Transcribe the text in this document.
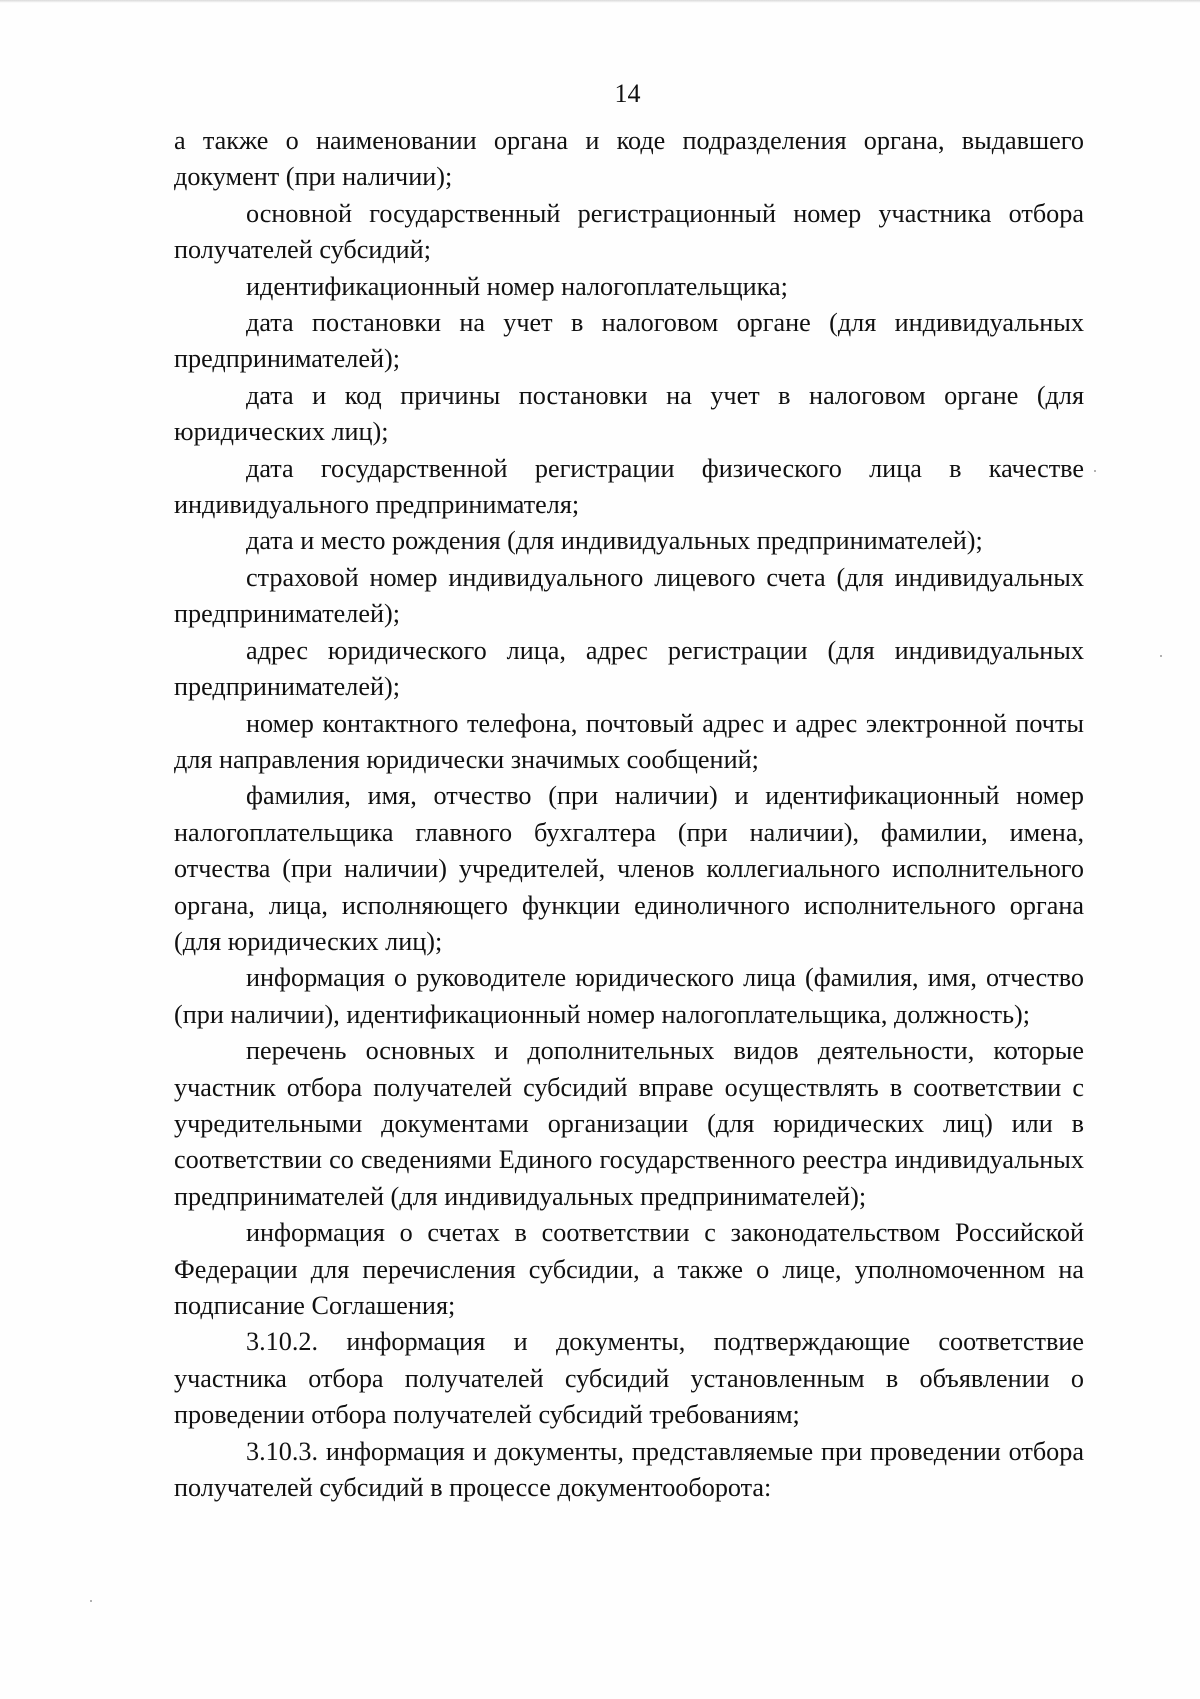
14

а также о наименовании органа и коде подразделения органа, выдавшего документ (при наличии);

основной государственный регистрационный номер участника отбора получателей субсидий;

идентификационный номер налогоплательщика;

дата постановки на учет в налоговом органе (для индивидуальных предпринимателей);

дата и код причины постановки на учет в налоговом органе (для юридических лиц);

дата государственной регистрации физического лица в качестве индивидуального предпринимателя;

дата и место рождения (для индивидуальных предпринимателей);

страховой номер индивидуального лицевого счета (для индивидуальных предпринимателей);

адрес юридического лица, адрес регистрации (для индивидуальных предпринимателей);

номер контактного телефона, почтовый адрес и адрес электронной почты для направления юридически значимых сообщений;

фамилия, имя, отчество (при наличии) и идентификационный номер налогоплательщика главного бухгалтера (при наличии), фамилии, имена, отчества (при наличии) учредителей, членов коллегиального исполнительного органа, лица, исполняющего функции единоличного исполнительного органа (для юридических лиц);

информация о руководителе юридического лица (фамилия, имя, отчество (при наличии), идентификационный номер налогоплательщика, должность);

перечень основных и дополнительных видов деятельности, которые участник отбора получателей субсидий вправе осуществлять в соответствии с учредительными документами организации (для юридических лиц) или в соответствии со сведениями Единого государственного реестра индивидуальных предпринимателей (для индивидуальных предпринимателей);

информация о счетах в соответствии с законодательством Российской Федерации для перечисления субсидии, а также о лице, уполномоченном на подписание Соглашения;

3.10.2. информация и документы, подтверждающие соответствие участника отбора получателей субсидий установленным в объявлении о проведении отбора получателей субсидий требованиям;

3.10.3. информация и документы, представляемые при проведении отбора получателей субсидий в процессе документооборота:
